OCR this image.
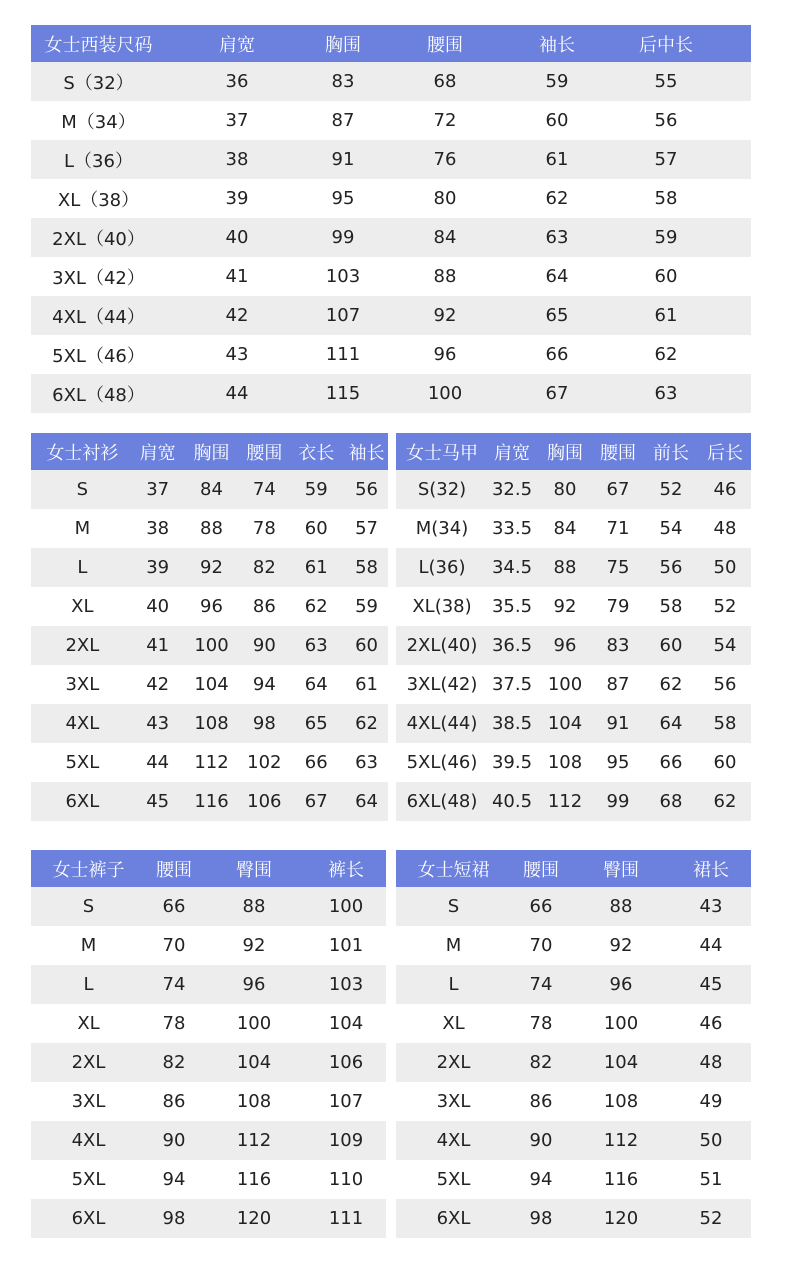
女士西装尺码	肩宽	胸围	腰围	袖长	后中长
S（32）	36	83	68	59	55
M（34）	37	87	72	60	56
L（36）	38	91	76	61	57
XL（38）	39	95	80	62	58
2XL（40）	40	99	84	63	59
3XL（42）	41	103	88	64	60
4XL（44）	42	107	92	65	61
5XL（46）	43	111	96	66	62
6XL（48）	44	115	100	67	63
女士衬衫	肩宽 胸围 腰围 衣长 袖长
S	37	84	74	59	56
M	38	88	78	60	57
L	39	92	82	61	58
XL	40	96	86	62	59
2XL	41	100	90	63	60
3XL	42	104	94	64	61
4XL	43	108	98	65	62
5XL	44	112	102	66	63
6XL	45	116	106	67	64
女士马甲 肩宽 胸围 腰围 前长	后长
S(32)	32.5	80	67	52	46
M(34)	33.5	84	71	54	48
L(36)	34.5	88	75	56	50
XL(38)	35.5	92	79	58	52
2XL(40) 36.5	96	83	60	54
3XL(42) 37.5 100	87	62	56
4XL(44) 38.5 104	91	64	58
5XL(46) 39.5 108	95	66	60
6XL(48) 40.5 112	99	68	62
女士裤子	腰围	臀围	裤长
S	66	88	100
M	70	92	101
L	74	96	103
XL	78	100	104
2XL	82	104	106
3XL	86	108	107
4XL	90	112	109
5XL	94	116	110
6XL	98	120	111
女士短裙	腰围	臀围	裙长
S	66	88	43
M	70	92	44
L	74	96	45
XL	78	100	46
2XL	82	104	48
3XL	86	108	49
4XL	90	112	50
5XL	94	116	51
6XL	98	120	52
